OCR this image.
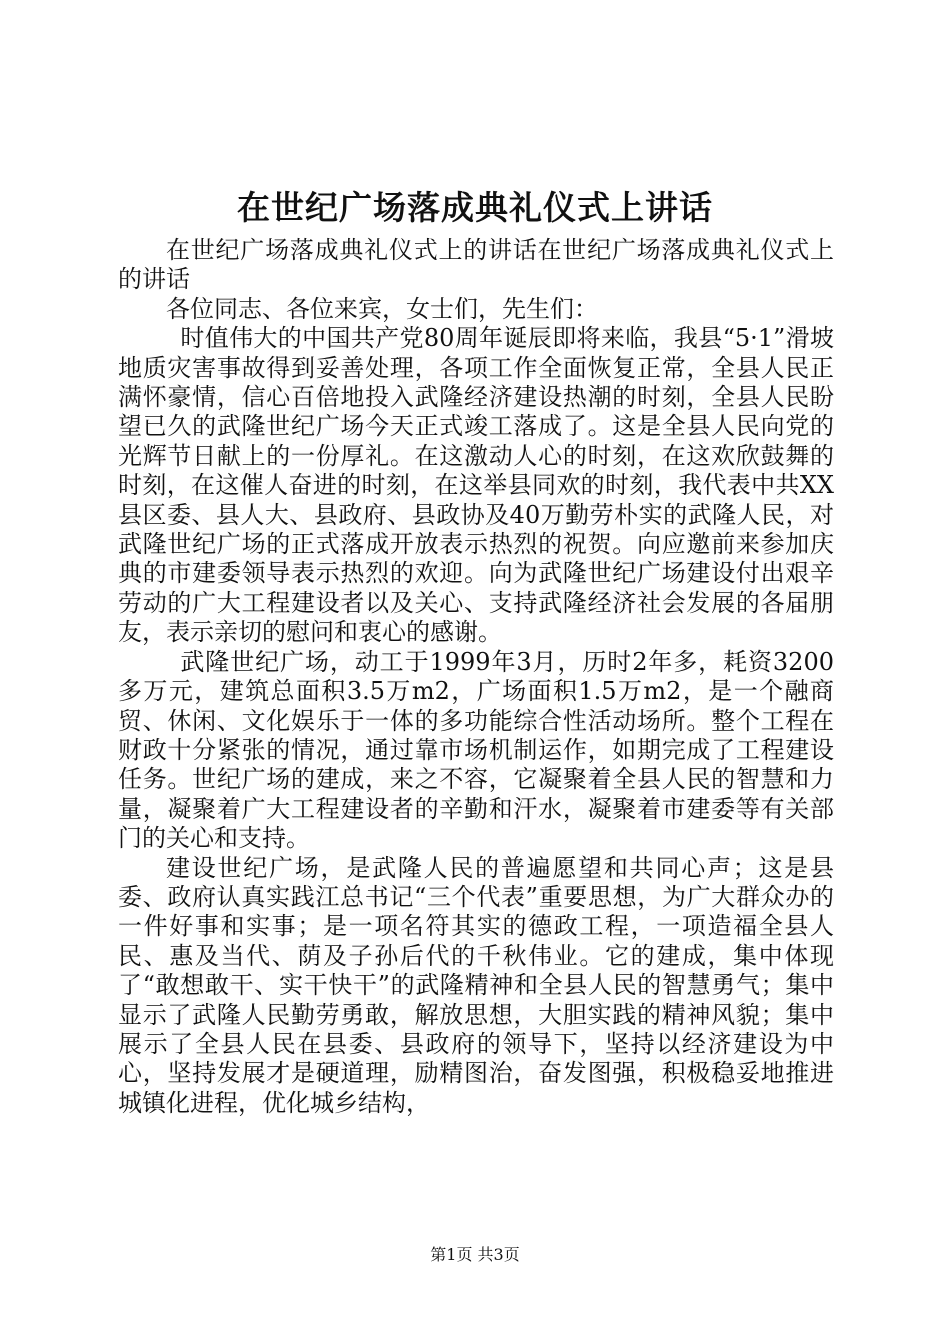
在世纪广场落成典礼仪式上讲话

在世纪广场落成典礼仪式上的讲话在世纪广场落成典礼仪式上的讲话

各位同志、各位来宾，女士们，先生们：

时值伟大的中国共产党80周年诞辰即将来临，我县“5·1”滑坡地质灾害事故得到妥善处理，各项工作全面恢复正常，全县人民正满怀豪情，信心百倍地投入武隆经济建设热潮的时刻，全县人民盼望已久的武隆世纪广场今天正式竣工落成了。这是全县人民向党的光辉节日献上的一份厚礼。在这激动人心的时刻，在这欢欣鼓舞的时刻，在这催人奋进的时刻，在这举县同欢的时刻，我代表中共XX县区委、县人大、县政府、县政协及40万勤劳朴实的武隆人民，对武隆世纪广场的正式落成开放表示热烈的祝贺。向应邀前来参加庆典的市建委领导表示热烈的欢迎。向为武隆世纪广场建设付出艰辛劳动的广大工程建设者以及关心、支持武隆经济社会发展的各届朋友，表示亲切的慰问和衷心的感谢。

武隆世纪广场，动工于1999年3月，历时2年多，耗资3200多万元，建筑总面积3.5万m2，广场面积1.5万m2，是一个融商贸、休闲、文化娱乐于一体的多功能综合性活动场所。整个工程在财政十分紧张的情况，通过靠市场机制运作，如期完成了工程建设任务。世纪广场的建成，来之不容，它凝聚着全县人民的智慧和力量，凝聚着广大工程建设者的辛勤和汗水，凝聚着市建委等有关部门的关心和支持。

建设世纪广场，是武隆人民的普遍愿望和共同心声；这是县委、政府认真实践江总书记“三个代表”重要思想，为广大群众办的一件好事和实事；是一项名符其实的德政工程，一项造福全县人民、惠及当代、荫及子孙后代的千秋伟业。它的建成，集中体现了“敢想敢干、实干快干”的武隆精神和全县人民的智慧勇气；集中显示了武隆人民勤劳勇敢，解放思想，大胆实践的精神风貌；集中展示了全县人民在县委、县政府的领导下，坚持以经济建设为中心，坚持发展才是硬道理，励精图治，奋发图强，积极稳妥地推进城镇化进程，优化城乡结构，

第1页 共3页
